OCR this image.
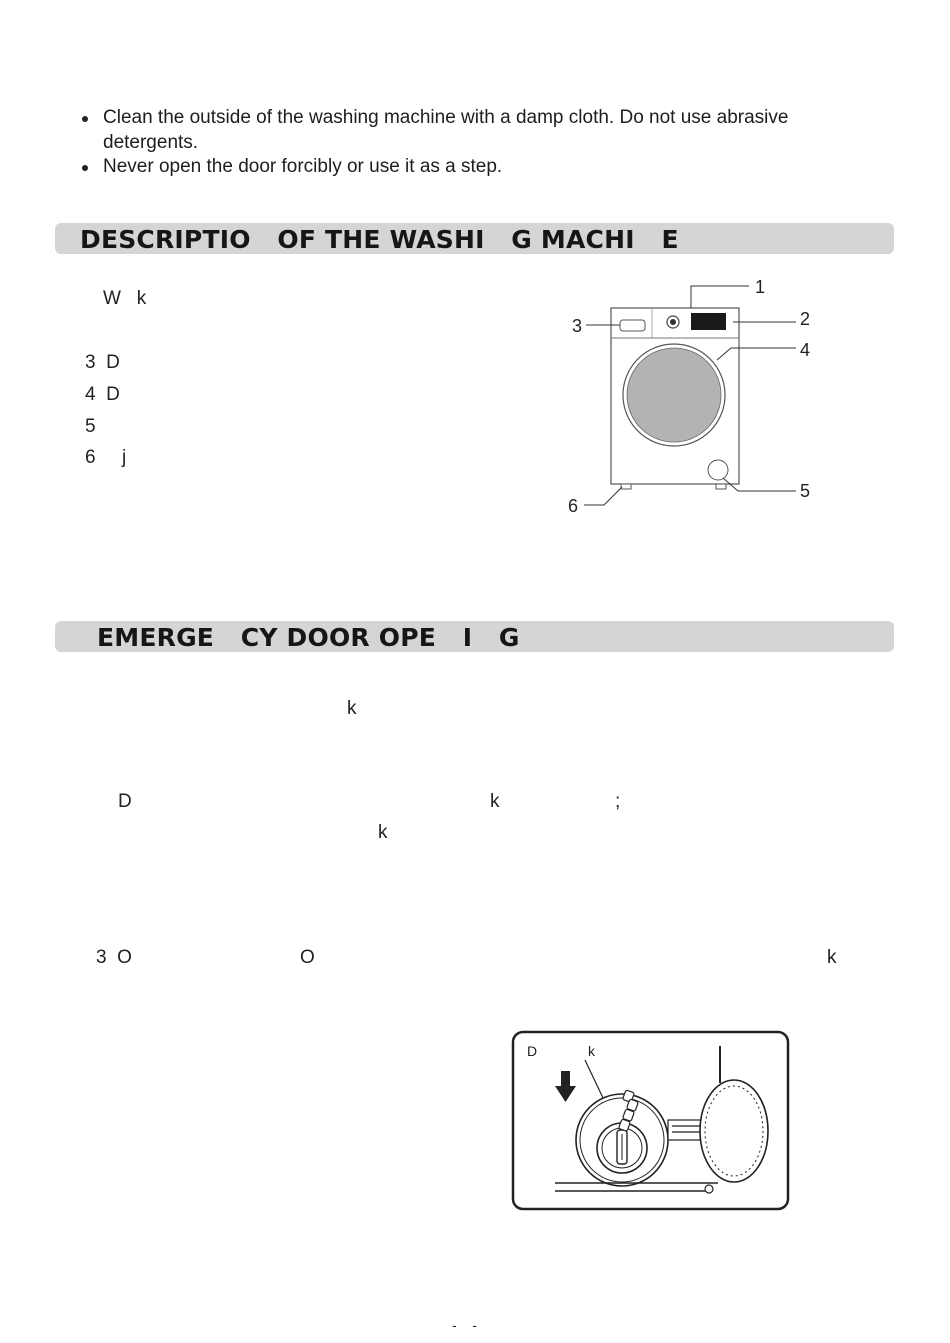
Clean the outside of the washing machine with a damp cloth. Do not use abrasive detergents.
Never open the door forcibly or use it as a step.
DESCRIPTIO   OF THE WASHI   G MACHI   E
W   k
3  D
4  D
5
6     j
1
2
3
4
5
6
EMERGE   CY DOOR OPE   I   G
k
D	k	;
k
3  O	O	k
D	k
-    -
